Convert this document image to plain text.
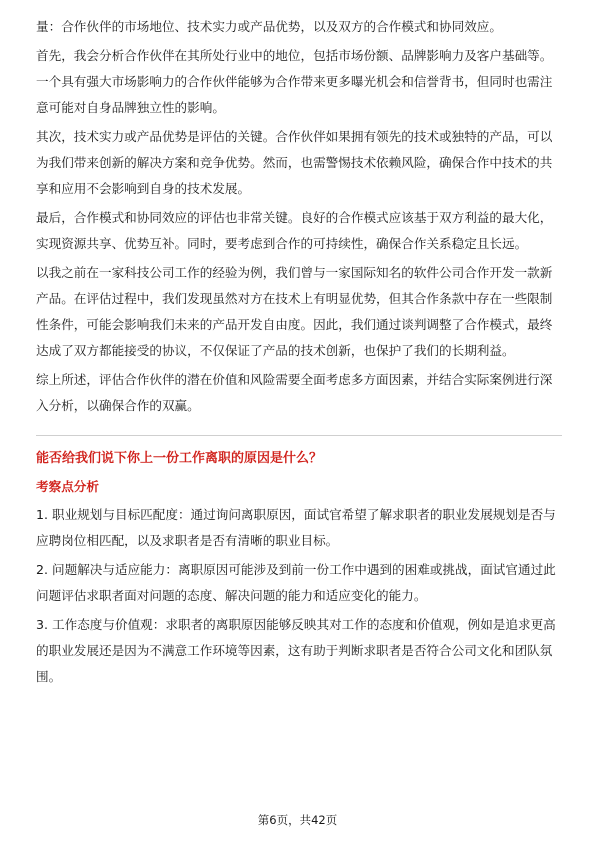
量：合作伙伴的市场地位、技术实力或产品优势，以及双方的合作模式和协同效应。

首先，我会分析合作伙伴在其所处行业中的地位，包括市场份额、品牌影响力及客户基础等。一个具有强大市场影响力的合作伙伴能够为合作带来更多曝光机会和信誉背书，但同时也需注意可能对自身品牌独立性的影响。

其次，技术实力或产品优势是评估的关键。合作伙伴如果拥有领先的技术或独特的产品，可以为我们带来创新的解决方案和竞争优势。然而，也需警惕技术依赖风险，确保合作中技术的共享和应用不会影响到自身的技术发展。

最后，合作模式和协同效应的评估也非常关键。良好的合作模式应该基于双方利益的最大化，实现资源共享、优势互补。同时，要考虑到合作的可持续性，确保合作关系稳定且长远。

以我之前在一家科技公司工作的经验为例，我们曾与一家国际知名的软件公司合作开发一款新产品。在评估过程中，我们发现虽然对方在技术上有明显优势，但其合作条款中存在一些限制性条件，可能会影响我们未来的产品开发自由度。因此，我们通过谈判调整了合作模式，最终达成了双方都能接受的协议，不仅保证了产品的技术创新，也保护了我们的长期利益。

综上所述，评估合作伙伴的潜在价值和风险需要全面考虑多方面因素，并结合实际案例进行深入分析，以确保合作的双赢。

能否给我们说下你上一份工作离职的原因是什么？

考察点分析

1. 职业规划与目标匹配度：通过询问离职原因，面试官希望了解求职者的职业发展规划是否与应聘岗位相匹配，以及求职者是否有清晰的职业目标。

2. 问题解决与适应能力：离职原因可能涉及到前一份工作中遇到的困难或挑战，面试官通过此问题评估求职者面对问题的态度、解决问题的能力和适应变化的能力。

3. 工作态度与价值观：求职者的离职原因能够反映其对工作的态度和价值观，例如是追求更高的职业发展还是因为不满意工作环境等因素，这有助于判断求职者是否符合公司文化和团队氛围。

第6页，共42页
